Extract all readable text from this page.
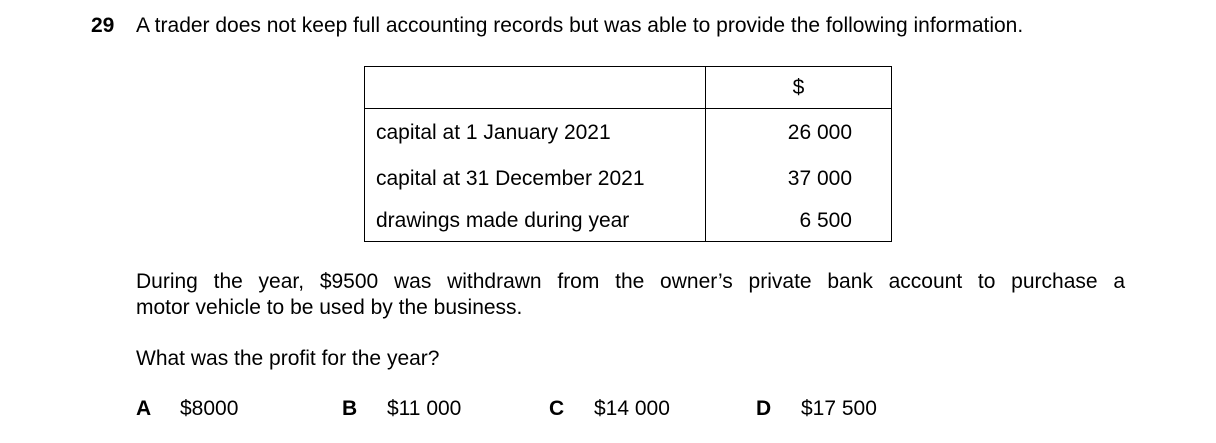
29 A trader does not keep full accounting records but was able to provide the following information.
	$
capital at 1 January 2021	26 000
capital at 31 December 2021	37 000
drawings made during year	6 500
During the year, $9500 was withdrawn from the owner’s private bank account to purchase a
motor vehicle to be used by the business.
What was the profit for the year?
A $8000	B $11 000	C $14 000	D $17 500
